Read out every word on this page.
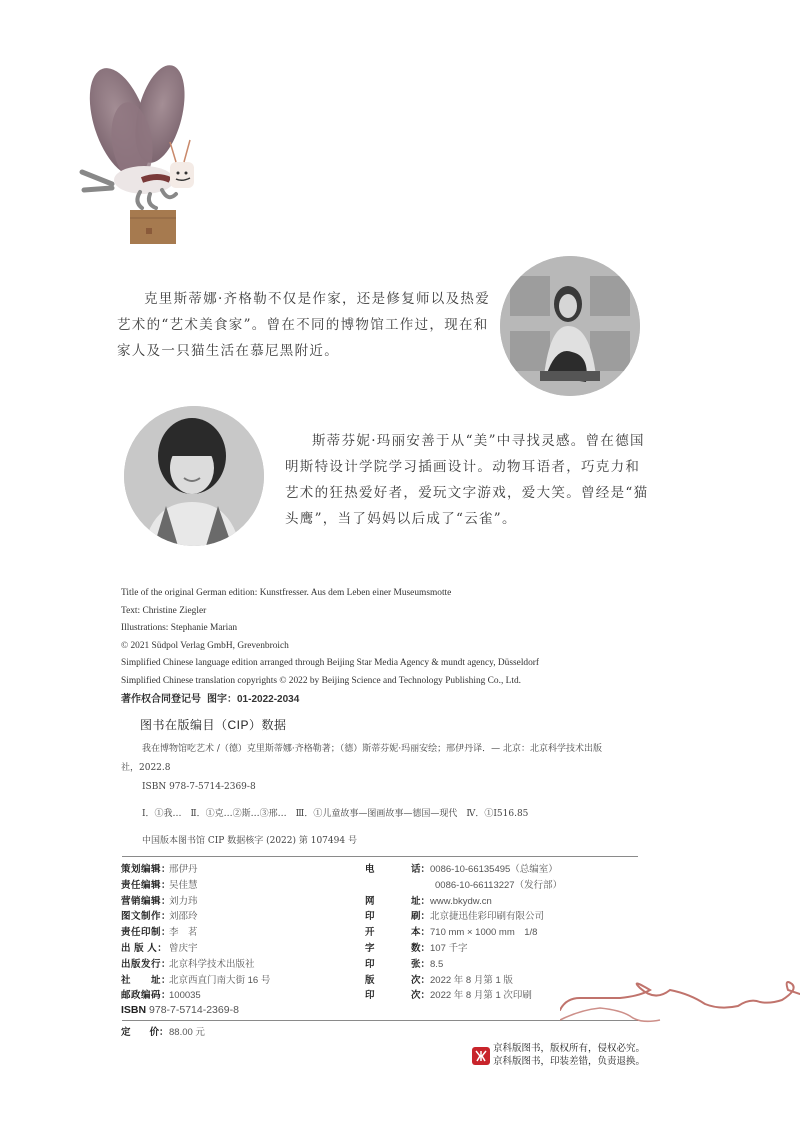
克里斯蒂娜·齐格勒不仅是作家，还是修复师以及热爱艺术的“艺术美食家”。曾在不同的博物馆工作过，现在和家人及一只猫生活在慕尼黑附近。

斯蒂芬妮·玛丽安善于从“美”中寻找灵感。曾在德国明斯特设计学院学习插画设计。动物耳语者，巧克力和艺术的狂热爱好者，爱玩文字游戏，爱大笑。曾经是“猫头鹰”，当了妈妈以后成了“云雀”。

Title of the original German edition: Kunstfresser. Aus dem Leben einer Museumsmotte
Text: Christine Ziegler
Illustrations: Stephanie Marian
© 2021 Südpol Verlag GmbH, Grevenbroich
Simplified Chinese language edition arranged through Beijing Star Media Agency & mundt agency, Düsseldorf
Simplified Chinese translation copyrights © 2022 by Beijing Science and Technology Publishing Co., Ltd.
著作权合同登记号 图字：01-2022-2034
图书在版编目（CIP）数据
我在博物馆吃艺术 /（德）克里斯蒂娜·齐格勒著；（德）斯蒂芬妮·玛丽安绘；邢伊丹译．— 北京：北京科学技术出版
社，2022.8
ISBN 978-7-5714-2369-8
Ⅰ．①我…　Ⅱ．①克…②斯…③邢…　Ⅲ．①儿童故事—图画故事—德国—现代　Ⅳ．①I516.85
中国版本图书馆 CIP 数据核字 (2022) 第 107494 号
策划编辑：邢伊丹
责任编辑：吴佳慧
营销编辑：刘力玮
图文制作：刘邵玲
责任印制：李　茗
出 版 人： 曾庆宇
出版发行：北京科学技术出版社
社　　址：北京西直门南大街 16 号
邮政编码：100035
电	话：0086-10-66135495（总编室）
0086-10-66113227（发行部）
网	址：www.bkydw.cn
印	刷：北京捷迅佳彩印刷有限公司
开	本：710 mm × 1000 mm　1/8
字	数：107 千字
印	张：8.5
版	次：2022 年 8 月第 1 版
印	次：2022 年 8 月第 1 次印刷
ISBN 978-7-5714-2369-8
定　　价：88.00 元
京科版图书，版权所有，侵权必究。
京科版图书，印装差错，负责退换。
